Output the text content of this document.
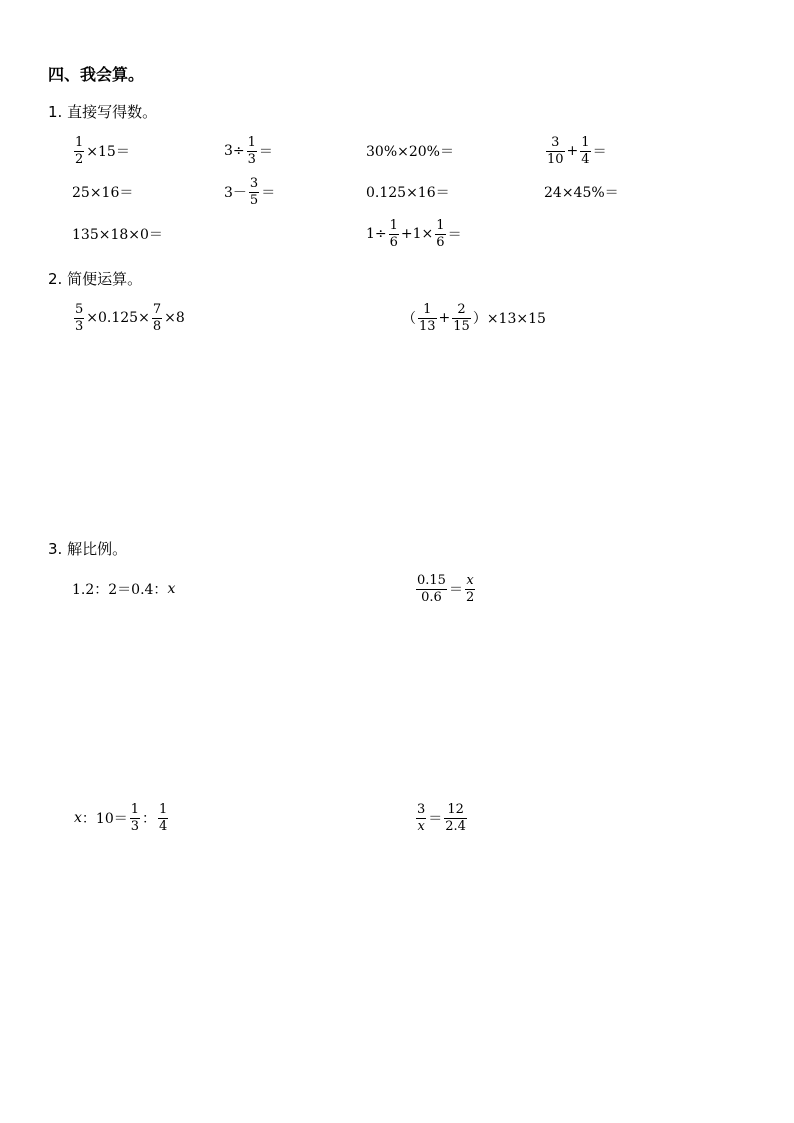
四、我会算。
1. 直接写得数。
$\frac{1}{2} \times 15=$	$3\div \frac{1}{3}$ ＝	30%×20%＝	$\frac{3}{10} + \frac{1}{4}$ ＝
25×16＝	$3- \frac{3}{5}$ ＝	0.125×16＝	24×45%＝
135×18×0＝	$1\div \frac{1}{6} +1\times \frac{1}{6}$ ＝
2. 简便运算。
$\frac{5}{3} \times 0.125\times \frac{7}{8} \times 8$	（ $\frac{1}{13} + \frac{2}{15} )\times 13\times 15$
3. 解比例。
1.2：2＝0.4： x	$\frac{0.15}{0.6} = \frac{x}{2}$
x ：$10= \frac{1}{3}$ ： $\frac{1}{4}$	$\frac{3}{x} = \frac{12}{2.4}$
